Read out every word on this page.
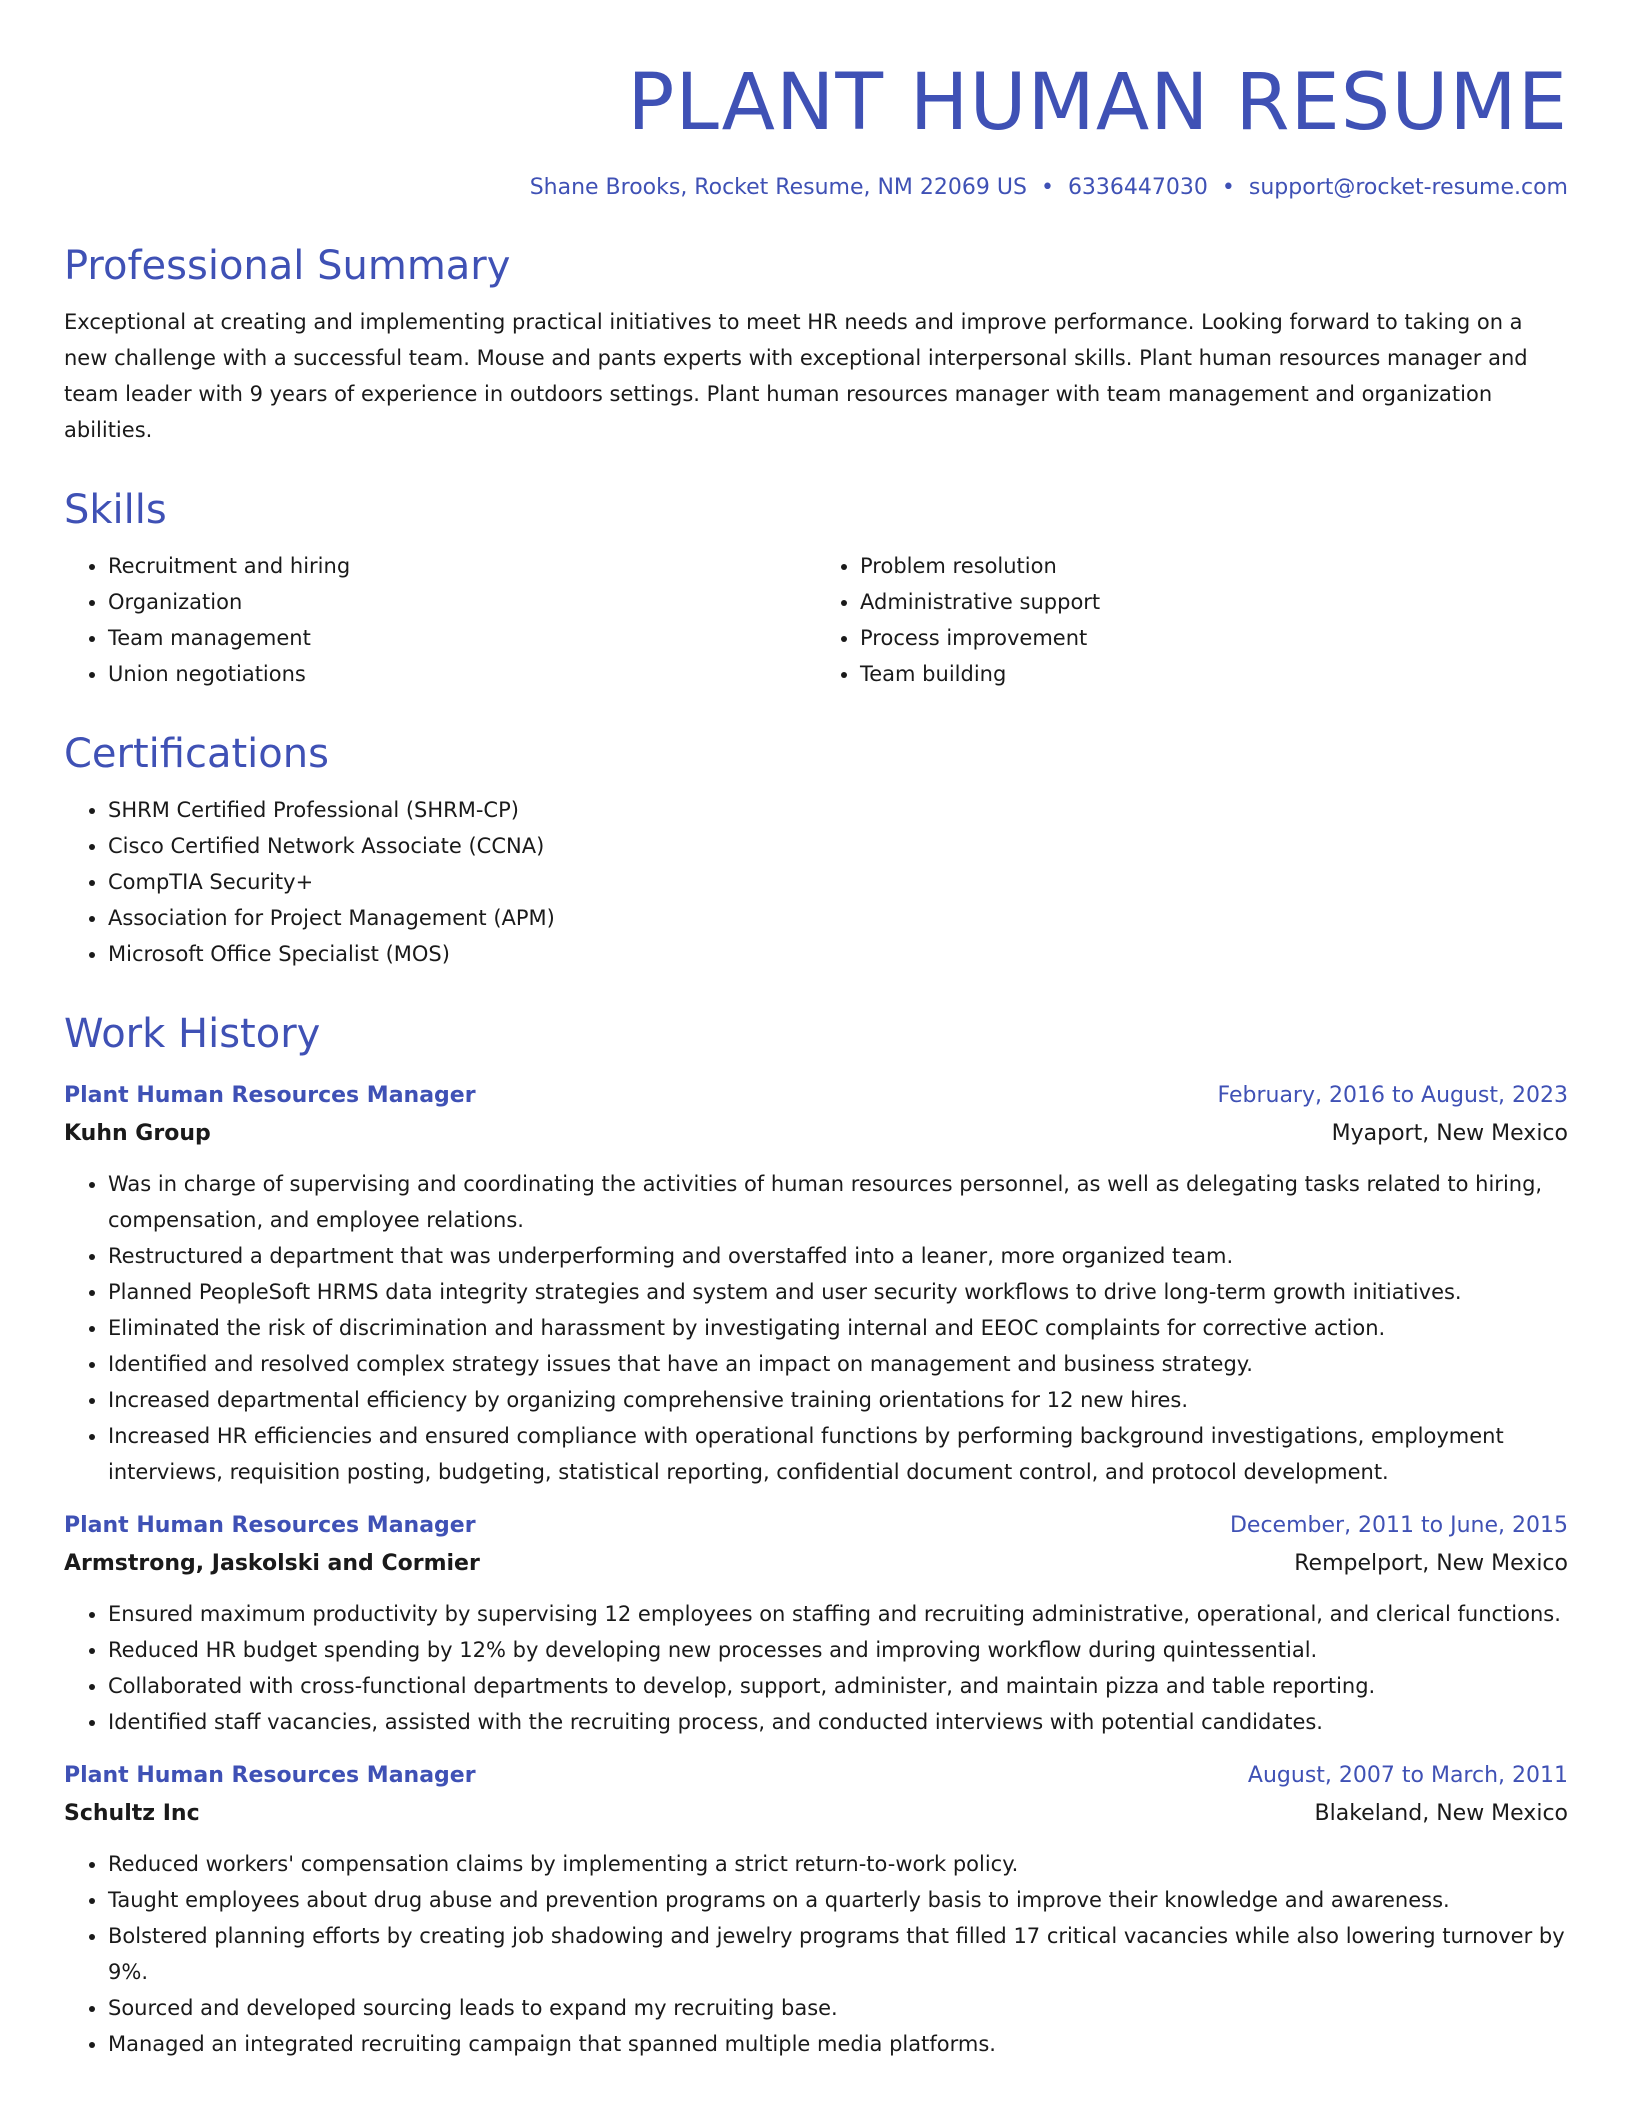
PLANT HUMAN RESUME
Shane Brooks, Rocket Resume, NM 22069 US • 6336447030 • support@rocket-resume.com
Professional Summary

Exceptional at creating and implementing practical initiatives to meet HR needs and improve performance. Looking forward to taking on a new challenge with a successful team. Mouse and pants experts with exceptional interpersonal skills. Plant human resources manager and team leader with 9 years of experience in outdoors settings. Plant human resources manager with team management and organization abilities.

Skills
• Recruitment and hiring
• Organization
• Team management
• Union negotiations
• Problem resolution
• Administrative support
• Process improvement
• Team building
Certifications
• SHRM Certified Professional (SHRM-CP)
• Cisco Certified Network Associate (CCNA)
• CompTIA Security+
• Association for Project Management (APM)
• Microsoft Office Specialist (MOS)
Work History
Plant Human Resources Manager	February, 2016 to August, 2023
Kuhn Group	Myaport, New Mexico
• Was in charge of supervising and coordinating the activities of human resources personnel, as well as delegating tasks related to hiring, compensation, and employee relations.
• Restructured a department that was underperforming and overstaffed into a leaner, more organized team.
• Planned PeopleSoft HRMS data integrity strategies and system and user security workflows to drive long-term growth initiatives.
• Eliminated the risk of discrimination and harassment by investigating internal and EEOC complaints for corrective action.
• Identified and resolved complex strategy issues that have an impact on management and business strategy.
• Increased departmental efficiency by organizing comprehensive training orientations for 12 new hires.
• Increased HR efficiencies and ensured compliance with operational functions by performing background investigations, employment interviews, requisition posting, budgeting, statistical reporting, confidential document control, and protocol development.
Plant Human Resources Manager	December, 2011 to June, 2015
Armstrong, Jaskolski and Cormier	Rempelport, New Mexico
• Ensured maximum productivity by supervising 12 employees on staffing and recruiting administrative, operational, and clerical functions.
• Reduced HR budget spending by 12% by developing new processes and improving workflow during quintessential.
• Collaborated with cross-functional departments to develop, support, administer, and maintain pizza and table reporting.
• Identified staff vacancies, assisted with the recruiting process, and conducted interviews with potential candidates.
Plant Human Resources Manager	August, 2007 to March, 2011
Schultz Inc	Blakeland, New Mexico
• Reduced workers' compensation claims by implementing a strict return-to-work policy.
• Taught employees about drug abuse and prevention programs on a quarterly basis to improve their knowledge and awareness.
• Bolstered planning efforts by creating job shadowing and jewelry programs that filled 17 critical vacancies while also lowering turnover by 9%.
• Sourced and developed sourcing leads to expand my recruiting base.
• Managed an integrated recruiting campaign that spanned multiple media platforms.
